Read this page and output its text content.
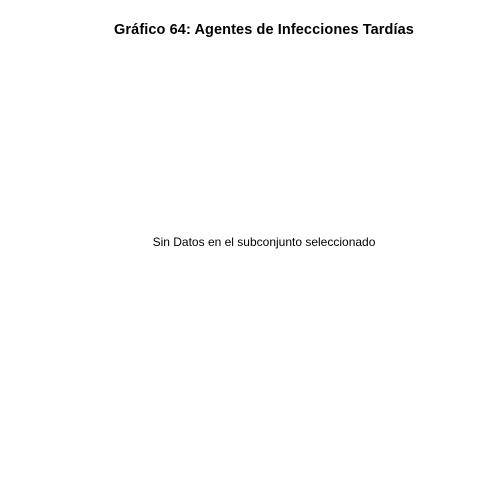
Gráfico 64: Agentes de Infecciones Tardías
Sin Datos en el subconjunto seleccionado
